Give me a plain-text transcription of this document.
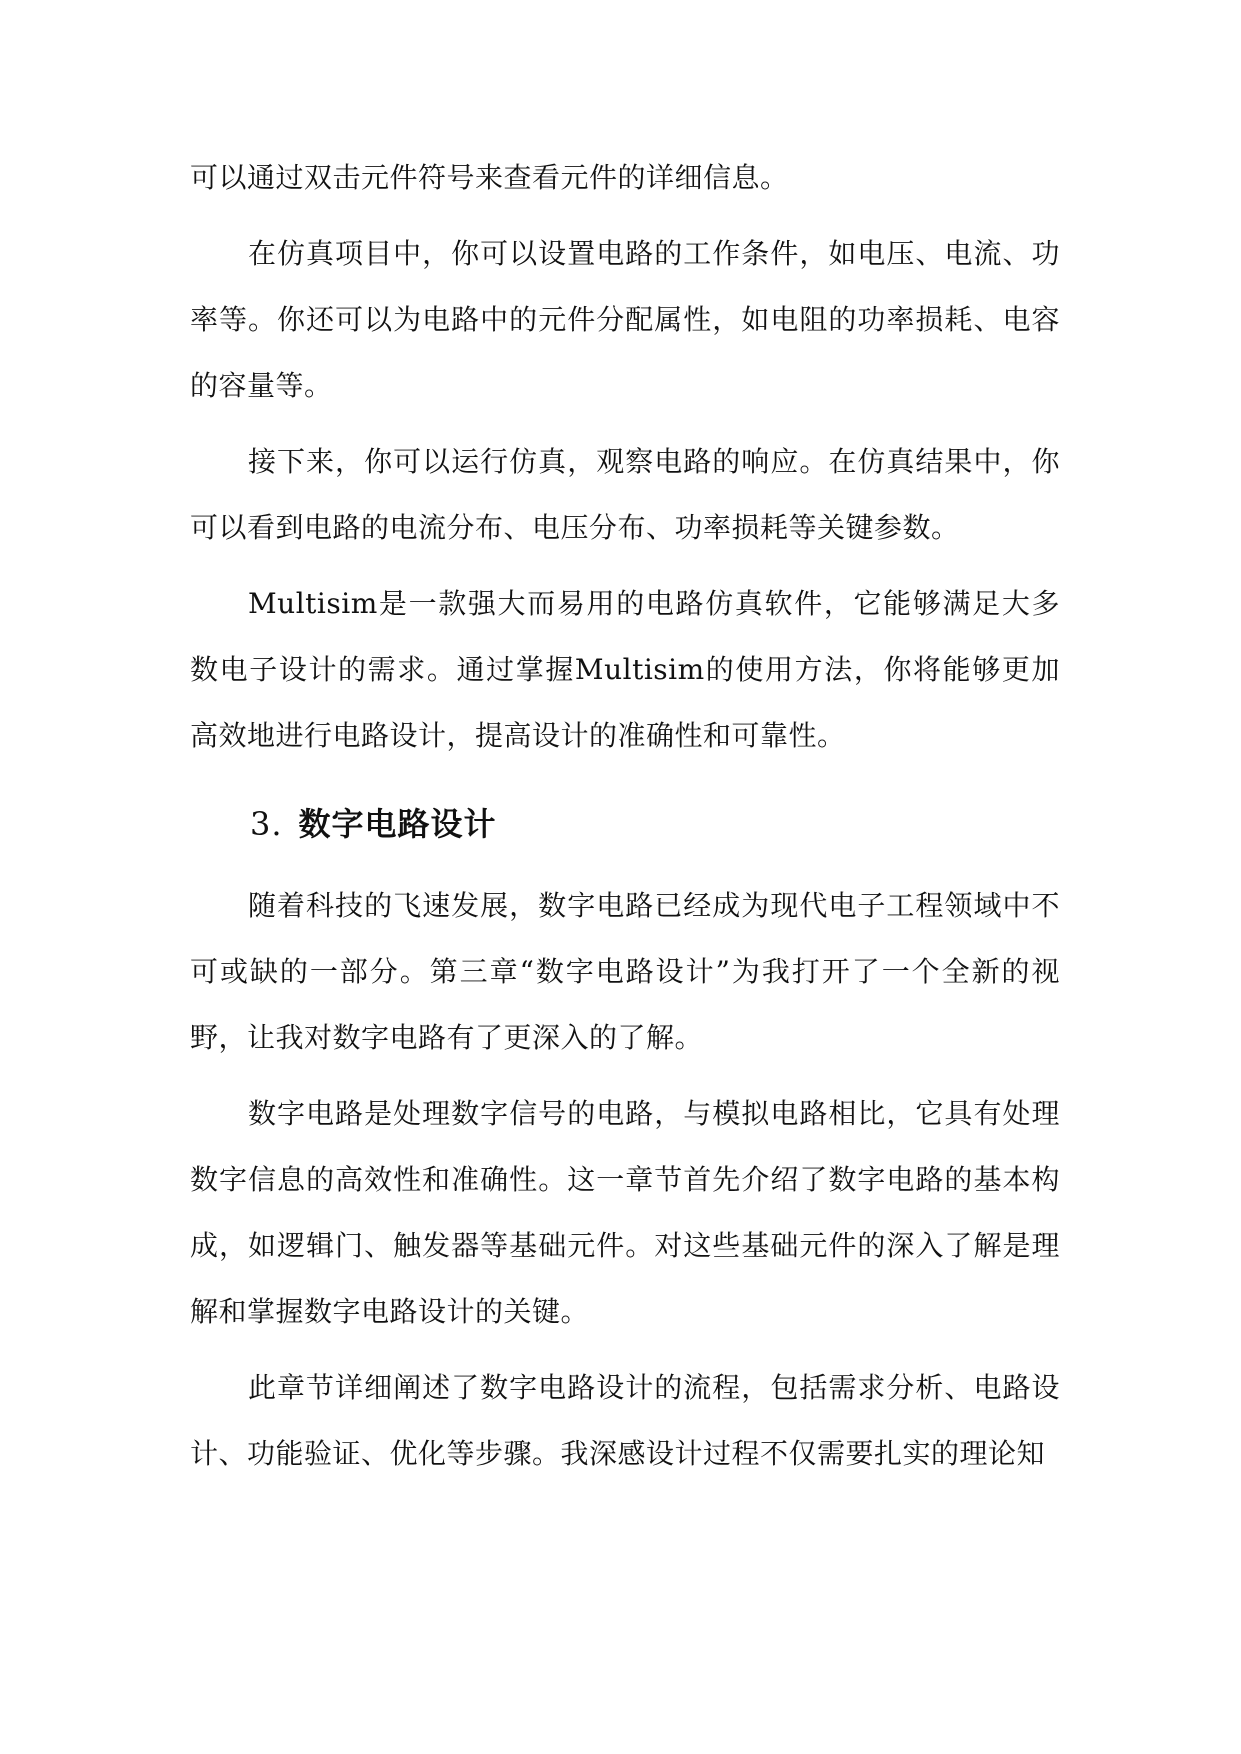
可以通过双击元件符号来查看元件的详细信息。

在仿真项目中，你可以设置电路的工作条件，如电压、电流、功率等。你还可以为电路中的元件分配属性，如电阻的功率损耗、电容的容量等。

接下来，你可以运行仿真，观察电路的响应。在仿真结果中，你可以看到电路的电流分布、电压分布、功率损耗等关键参数。

Multisim是一款强大而易用的电路仿真软件，它能够满足大多数电子设计的需求。通过掌握Multisim的使用方法，你将能够更加高效地进行电路设计，提高设计的准确性和可靠性。

3. 数字电路设计

随着科技的飞速发展，数字电路已经成为现代电子工程领域中不可或缺的一部分。第三章“数字电路设计”为我打开了一个全新的视野，让我对数字电路有了更深入的了解。

数字电路是处理数字信号的电路，与模拟电路相比，它具有处理数字信息的高效性和准确性。这一章节首先介绍了数字电路的基本构成，如逻辑门、触发器等基础元件。对这些基础元件的深入了解是理解和掌握数字电路设计的关键。

此章节详细阐述了数字电路设计的流程，包括需求分析、电路设计、功能验证、优化等步骤。我深感设计过程不仅需要扎实的理论知
